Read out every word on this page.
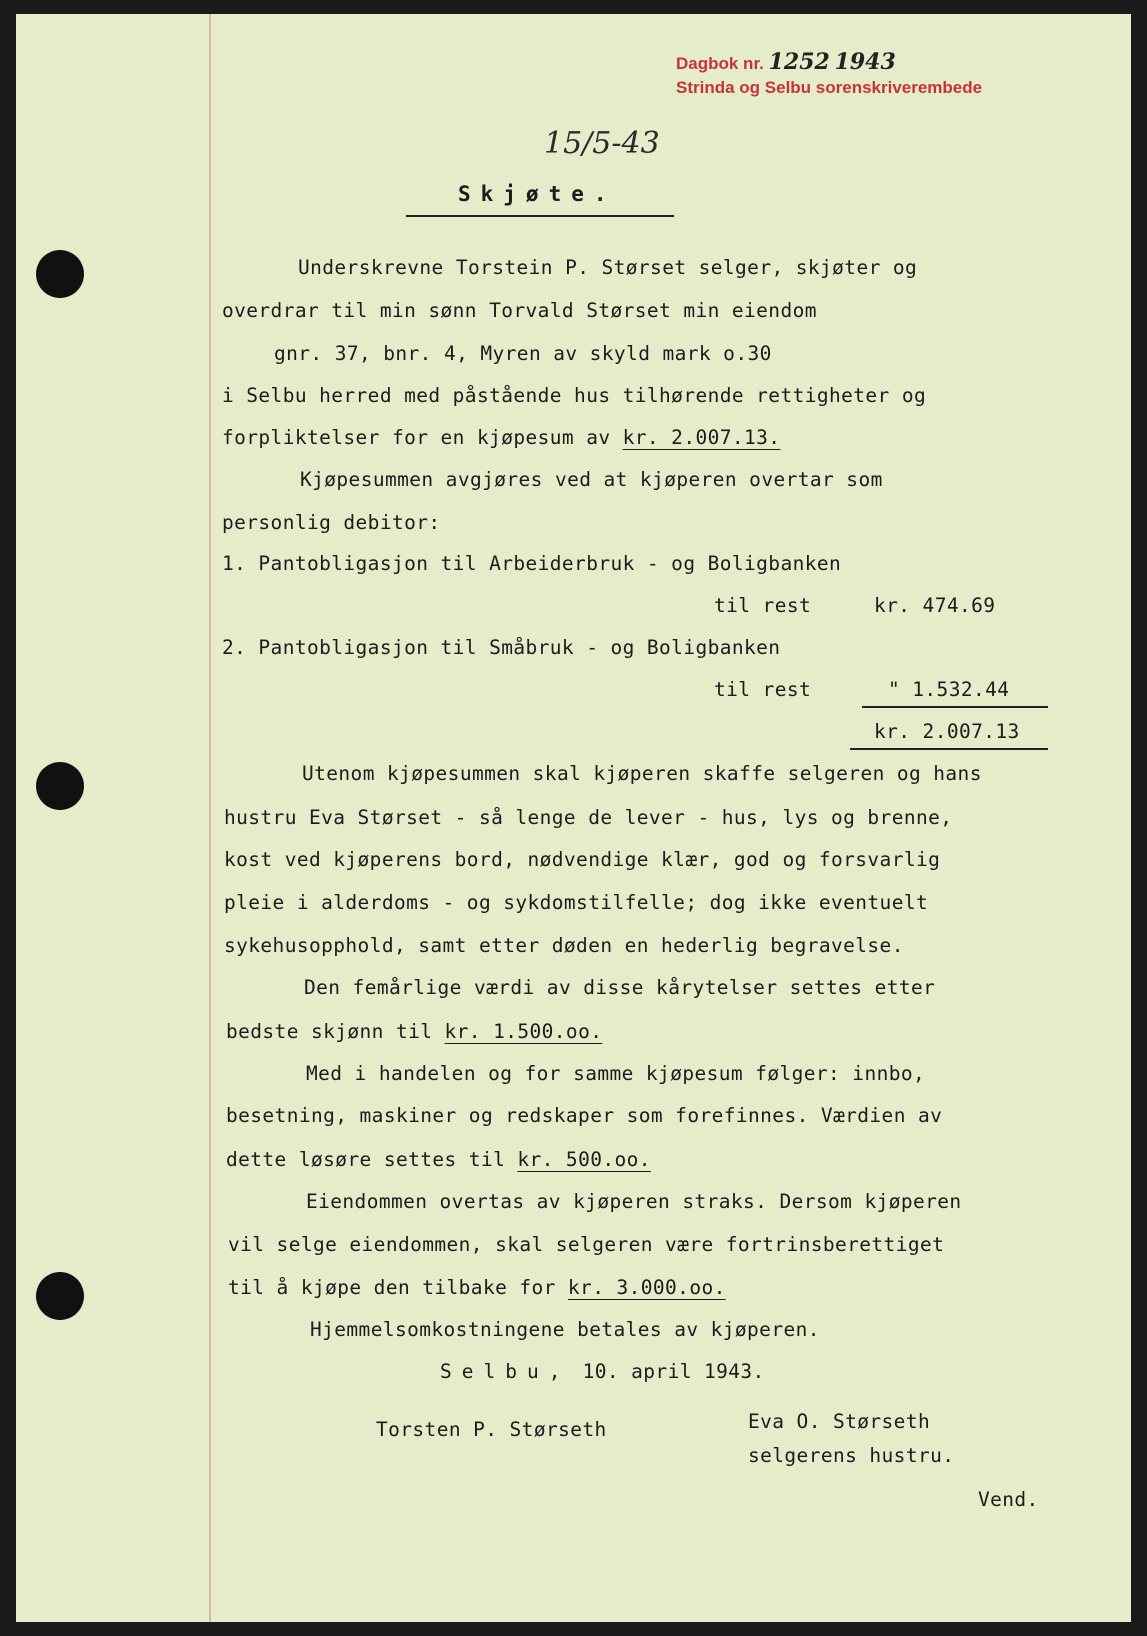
Dagbok nr. 1252 1943
Strinda og Selbu sorenskriverembede
15/5-43
Skjøte.
Underskrevne Torstein P. Størset selger, skjøter og
overdrar til min sønn Torvald Størset min eiendom
gnr. 37, bnr. 4, Myren av skyld mark o.30
i Selbu herred med påstående hus tilhørende rettigheter og
forpliktelser for en kjøpesum av kr. 2.007.13.
Kjøpesummen avgjøres ved at kjøperen overtar som
personlig debitor:
1. Pantobligasjon til Arbeiderbruk - og Boligbanken
til rest	kr. 474.69
2. Pantobligasjon til Småbruk - og Boligbanken
til rest	" 1.532.44
kr. 2.007.13
Utenom kjøpesummen skal kjøperen skaffe selgeren og hans
hustru Eva Størset - så lenge de lever - hus, lys og brenne,
kost ved kjøperens bord, nødvendige klær, god og forsvarlig
pleie i alderdoms - og sykdomstilfelle; dog ikke eventuelt
sykehusopphold, samt etter døden en hederlig begravelse.
Den femårlige værdi av disse kårytelser settes etter
bedste skjønn til kr. 1.500.oo.
Med i handelen og for samme kjøpesum følger: innbo,
besetning, maskiner og redskaper som forefinnes. Værdien av
dette løsøre settes til kr. 500.oo.
Eiendommen overtas av kjøperen straks. Dersom kjøperen
vil selge eiendommen, skal selgeren være fortrinsberettiget
til å kjøpe den tilbake for kr. 3.000.oo.
Hjemmelsomkostningene betales av kjøperen.
Selbu, 10. april 1943.
Torsten P. Størseth	Eva O. Størseth
selgerens hustru.
Vend.
